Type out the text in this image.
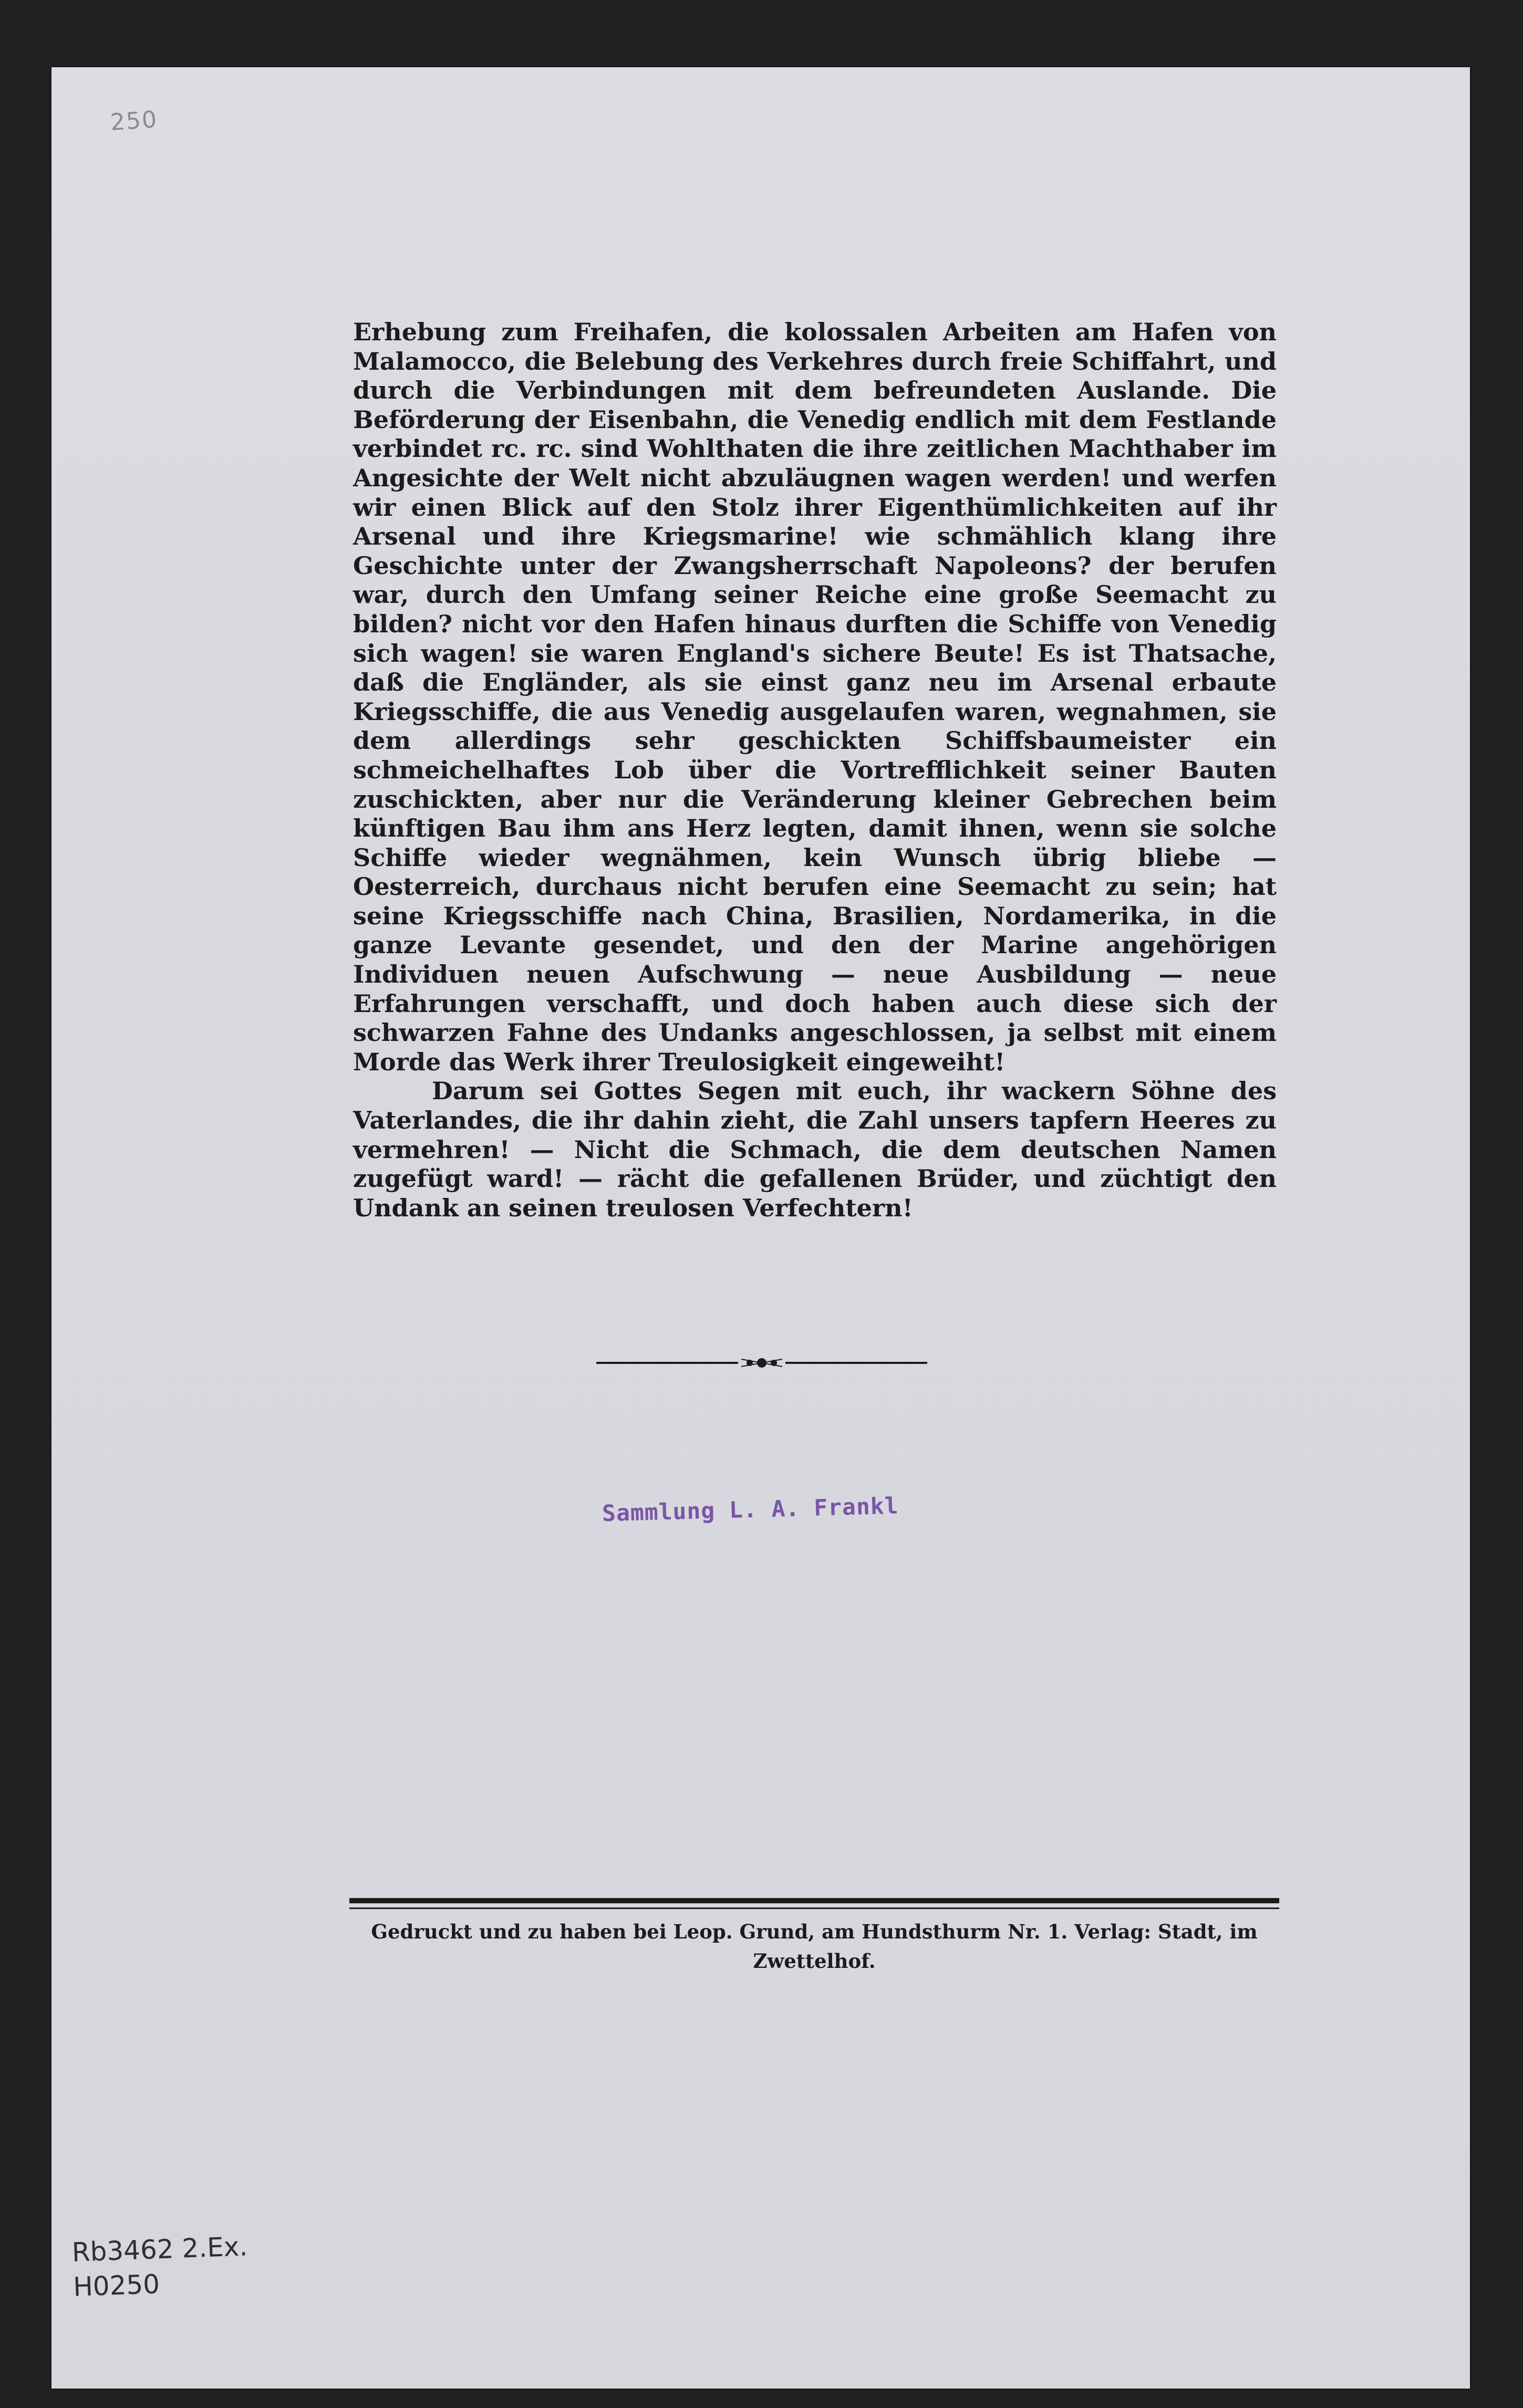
250

Erhebung zum Freihafen, die kolossalen Arbeiten am Hafen von Malamocco, die Belebung des Verkehres durch freie Schiffahrt, und durch die Verbindungen mit dem befreundeten Auslande. Die Beförderung der Eisenbahn, die Venedig endlich mit dem Festlande verbindet rc. rc. sind Wohlthaten die ihre zeitlichen Machthaber im Angesichte der Welt nicht abzuläugnen wagen werden! und werfen wir einen Blick auf den Stolz ihrer Eigenthümlichkeiten auf ihr Arsenal und ihre Kriegsmarine! wie schmählich klang ihre Geschichte unter der Zwangsherrschaft Napoleons? der berufen war, durch den Umfang seiner Reiche eine große Seemacht zu bilden? nicht vor den Hafen hinaus durften die Schiffe von Venedig sich wagen! sie waren England's sichere Beute! Es ist Thatsache, daß die Engländer, als sie einst ganz neu im Arsenal erbaute Kriegsschiffe, die aus Venedig ausgelaufen waren, wegnahmen, sie dem allerdings sehr geschickten Schiffsbaumeister ein schmeichelhaftes Lob über die Vortrefflichkeit seiner Bauten zuschickten, aber nur die Veränderung kleiner Gebrechen beim künftigen Bau ihm ans Herz legten, damit ihnen, wenn sie solche Schiffe wieder wegnähmen, kein Wunsch übrig bliebe — Oesterreich, durchaus nicht berufen eine Seemacht zu sein; hat seine Kriegsschiffe nach China, Brasilien, Nordamerika, in die ganze Levante gesendet, und den der Marine angehörigen Individuen neuen Aufschwung — neue Ausbildung — neue Erfahrungen verschafft, und doch haben auch diese sich der schwarzen Fahne des Undanks angeschlossen, ja selbst mit einem Morde das Werk ihrer Treulosigkeit eingeweiht!

Darum sei Gottes Segen mit euch, ihr wackern Söhne des Vaterlandes, die ihr dahin zieht, die Zahl unsers tapfern Heeres zu vermehren! — Nicht die Schmach, die dem deutschen Namen zugefügt ward! — rächt die gefallenen Brüder, und züchtigt den Undank an seinen treulosen Verfechtern!

Sammlung L. A. Frankl
Gedruckt und zu haben bei Leop. Grund, am Hundsthurm Nr. 1. Verlag: Stadt, im Zwettelhof.
Rb3462 2.Ex.
H0250
